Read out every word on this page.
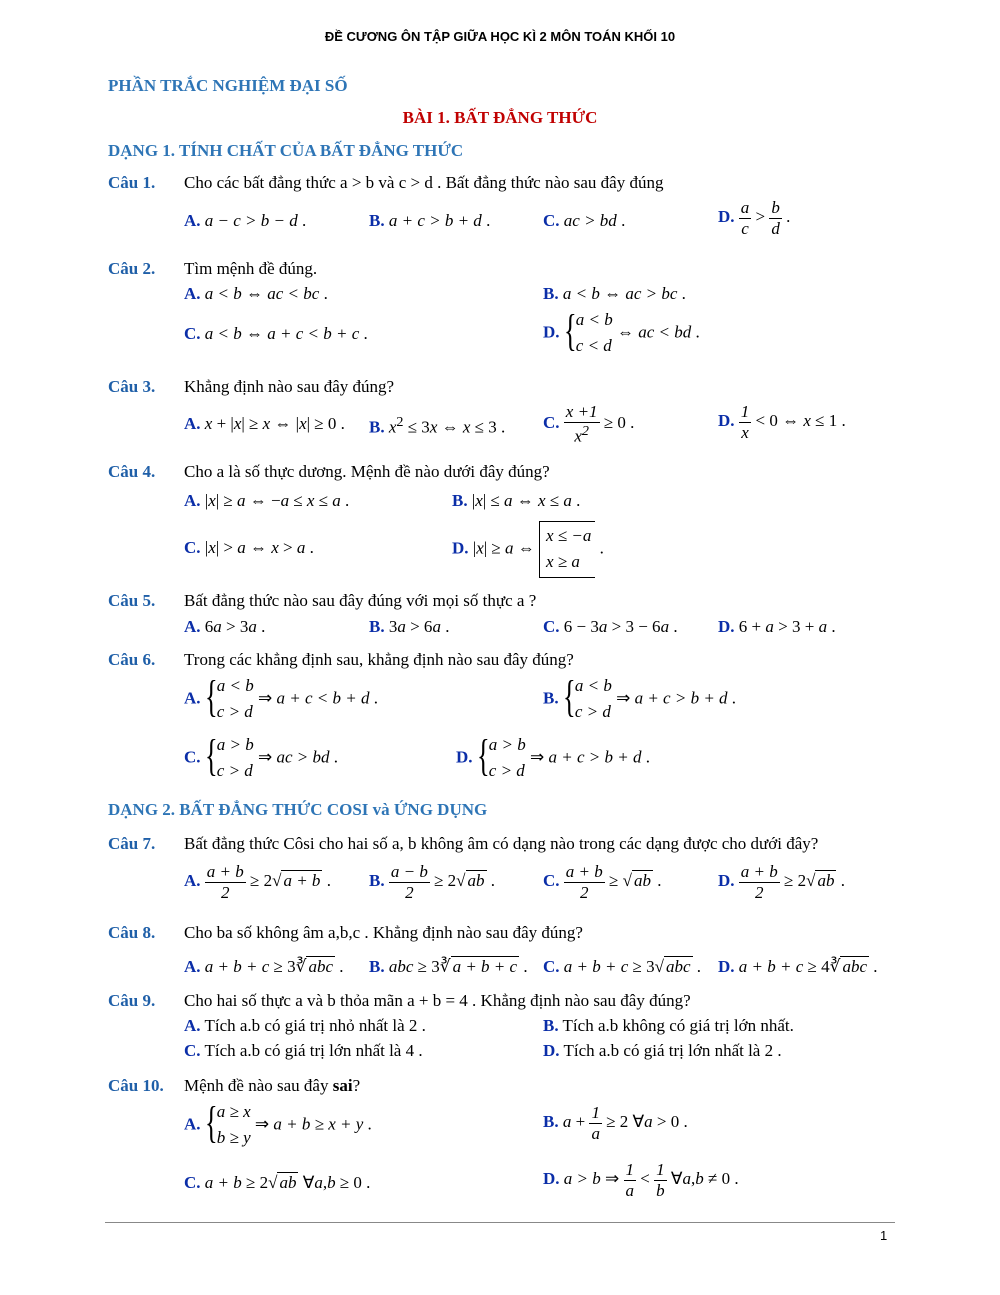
ĐỀ CƯƠNG ÔN TẬP GIỮA HỌC KÌ 2 MÔN TOÁN KHỐI 10
PHẦN TRẮC NGHIỆM ĐẠI SỐ
BÀI 1. BẤT ĐẲNG THỨC
DẠNG 1. TÍNH CHẤT CỦA BẤT ĐẲNG THỨC
Câu 1. Cho các bất đẳng thức a > b và c > d . Bất đẳng thức nào sau đây đúng
A. a − c > b − d .	B. a + c > b + d .	C. ac > bd .	D. $\frac{a}{c} > \frac{b}{d}$ .
Câu 2. Tìm mệnh đề đúng.
A. a < b ⇔ ac < bc .	B. a < b ⇔ ac > bc .
C. a < b ⇔ a + c < b + c .	D. { a < b
c < d ⇔ ac < bd .
Câu 3. Khẳng định nào sau đây đúng?
A. x + |x| ≥ x ⇔ |x| ≥ 0 . B. $x^2 \le 3x$ ⇔ x ≤ 3 . C. $\frac{x +1}{x^2} \ge 0$ .	D. $\frac{1}{x} < 0$ ⇔ x ≤ 1 .
Câu 4. Cho a là số thực dương. Mệnh đề nào dưới đây đúng?
A. |x| ≥ a ⇔ −a ≤ x ≤ a .	B. |x| ≤ a ⇔ x ≤ a .
C. |x| > a ⇔ x > a .	D. |x| ≥ a ⇔ x ≤ −a
x ≥ a .
Câu 5. Bất đẳng thức nào sau đây đúng với mọi số thực a ?
A. 6a > 3a .	B. 3a > 6a .	C. 6 − 3a > 3 − 6a . D. 6 + a > 3 + a .
Câu 6. Trong các khẳng định sau, khẳng định nào sau đây đúng?
A. { a < b
c > d ⇒ a + c < b + d .	B. { a < b
c > d ⇒ a + c > b + d .
C. { a > b
c > d ⇒ ac > bd .	D. { a > b
c > d ⇒ a + c > b + d .
DẠNG 2. BẤT ĐẲNG THỨC COSI và ỨNG DỤNG
Câu 7. Bất đẳng thức Côsi cho hai số a, b không âm có dạng nào trong các dạng được cho dưới đây?
A. $\frac{a + b}{2} \ge 2√$ a + b . B. $\frac{a - b}{2} \ge 2√$ ab .	C. $\frac{a + b}{2}$ ≥ √ ab .	D. $\frac{a + b}{2} \ge 2√$ ab .
Câu 8. Cho ba số không âm a,b,c . Khẳng định nào sau đây đúng?
A. a + b + c ≥ 3∛ abc . B. abc ≥ 3∛ a + b + c . C. a + b + c ≥ 3√ abc . D. a + b + c ≥ 4∛ abc .
Câu 9. Cho hai số thực a và b thỏa mãn a + b = 4 . Khẳng định nào sau đây đúng?
A. Tích a.b có giá trị nhỏ nhất là 2 .	B. Tích a.b không có giá trị lớn nhất.
C. Tích a.b có giá trị lớn nhất là 4 .	D. Tích a.b có giá trị lớn nhất là 2 .
Câu 10. Mệnh đề nào sau đây sai?
A. { a ≥ x
b ≥ y ⇒ a + b ≥ x + y .	B. $a + \frac{1}{a} \ge 2$ ∀a > 0 .
C. a + b ≥ 2√ ab ∀a,b ≥ 0 .	D. a > b ⇒ $\frac{1}{a} < \frac{1}{b}$ ∀a,b ≠ 0 .
1
